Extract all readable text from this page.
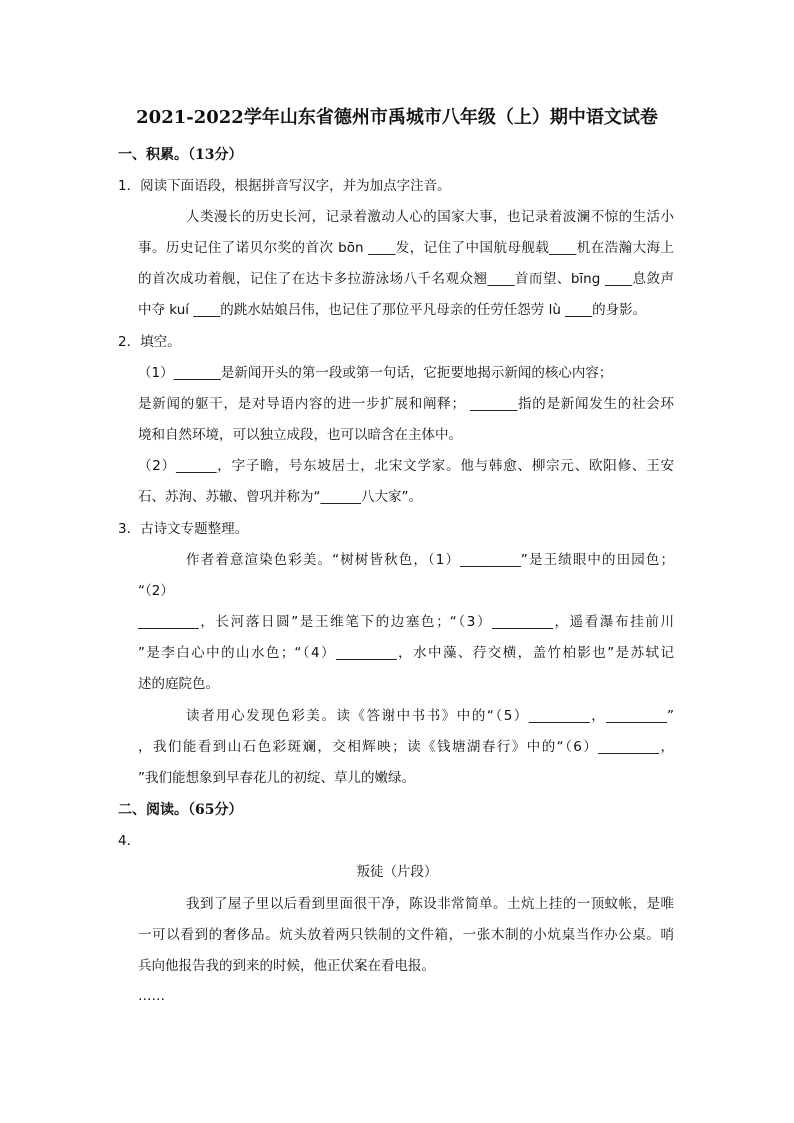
2021-2022学年山东省德州市禹城市八年级（上）期中语文试卷
一、积累。（13分）
1．阅读下面语段，根据拼音写汉字，并为加点字注音。
人类漫长的历史长河，记录着激动人心的国家大事，也记录着波澜不惊的生活小
事。历史记住了诺贝尔奖的首次 bōn ____发，记住了中国航母舰载____机在浩瀚大海上
的首次成功着舰，记住了在达卡多拉游泳场八千名观众翘____首而望、bīng ____息敛声
中夺 kuí ____的跳水姑娘吕伟，也记住了那位平凡母亲的任劳任怨劳 lù ____的身影。
2．填空。
（1）_______是新闻开头的第一段或第一句话，它扼要地揭示新闻的核心内容；
是新闻的躯干，是对导语内容的进一步扩展和阐释； _______指的是新闻发生的社会环
境和自然环境，可以独立成段，也可以暗含在主体中。
（2）______，字子瞻，号东坡居士，北宋文学家。他与韩愈、柳宗元、欧阳修、王安
石、苏洵、苏辙、曾巩并称为“______八大家”。
3．古诗文专题整理。
作者着意渲染色彩美。“树树皆秋色，（1）_________”是王绩眼中的田园色；
“（2）
_________，长河落日圆”是王维笔下的边塞色；“（3）_________，遥看瀑布挂前川
”是李白心中的山水色；“（4）_________，水中藻、荇交横，盖竹柏影也”是苏轼记
述的庭院色。
读者用心发现色彩美。读《答谢中书书》中的“（5）_________，_________”
，我们能看到山石色彩斑斓，交相辉映；读《钱塘湖春行》中的“（6）_________，
”我们能想象到早春花儿的初绽、草儿的嫩绿。
二、阅读。（65分）
4．
叛徒（片段）
我到了屋子里以后看到里面很干净，陈设非常简单。土炕上挂的一顶蚊帐，是唯
一可以看到的奢侈品。炕头放着两只铁制的文件箱，一张木制的小炕桌当作办公桌。哨
兵向他报告我的到来的时候，他正伏案在看电报。
……
